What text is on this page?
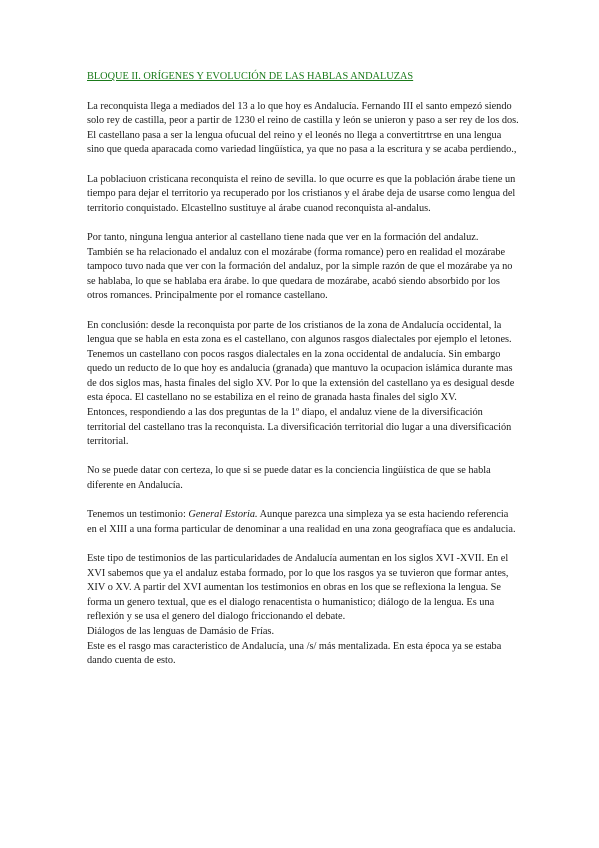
BLOQUE II. ORÍGENES Y EVOLUCIÓN DE LAS HABLAS ANDALUZAS

La reconquista llega a mediados del 13 a lo que hoy es Andalucía. Fernando III el santo empezó siendo solo rey de castilla, peor a partir de 1230 el reino de castilla y león se unieron y paso a ser rey de los dos. El castellano pasa a ser la lengua ofucual del reino y el leonés no llega a convertitrtrse en una lengua sino que queda aparacada como variedad lingüística, ya que no pasa a la escritura y se acaba perdiendo.,

La poblaciuon cristicana reconquista el reino de sevilla. lo que ocurre es que la población árabe tiene un tiempo para dejar el territorio ya recuperado por los cristianos y el árabe deja de usarse como lengua del territorio conquistado. Elcastellno sustituye al árabe cuanod reconquista al-andalus.

Por tanto, ninguna lengua anterior al castellano tiene nada que ver en la formación del andaluz.
También se ha relacionado el andaluz con el mozárabe (forma romance) pero en realidad el mozárabe tampoco tuvo nada que ver con la formación del andaluz, por la simple razón de que el mozárabe ya no se hablaba, lo que se hablaba era árabe. lo que quedara de mozárabe, acabó siendo absorbido por los otros romances. Principalmente por el romance castellano.

En conclusión: desde la reconquista por parte de los cristianos de la zona de Andalucía occidental, la lengua que se habla en esta zona es el castellano, con algunos rasgos dialectales por ejemplo el letones. Tenemos un castellano con pocos rasgos dialectales en la zona occidental de andalucía. Sin embargo quedo un reducto de lo que hoy es andalucia (granada) que mantuvo la ocupacion islámica durante mas de dos siglos mas, hasta finales del siglo XV. Por lo que la extensión del castellano ya es desigual desde esta época. El castellano no se estabiliza en el reino de granada hasta finales del siglo XV.
Entonces, respondiendo a las dos preguntas de la 1º diapo, el andaluz viene de la diversificación territorial del castellano tras la reconquista. La diversificación territorial dio lugar a una diversificación territorial.

No se puede datar con certeza, lo que si se puede datar es la conciencia lingüística de que se habla diferente en Andalucía.

Tenemos un testimonio: General Estoria. Aunque parezca una simpleza ya se esta haciendo referencia en el XIII a una forma particular de denominar a una realidad en una zona geografíaca que es andalucia.

Este tipo de testimonios de las particularidades de Andalucía aumentan en los siglos XVI -XVII. En el XVI sabemos que ya el andaluz estaba formado, por lo que los rasgos ya se tuvieron que formar antes, XIV o XV. A partir del XVI aumentan los testimonios en obras en los que se reflexiona la lengua. Se forma un genero textual, que es el dialogo renacentista o humanistico; diálogo de la lengua. Es una reflexión y se usa el genero del dialogo friccionando el debate.
Diálogos de las lenguas de Damásio de Frías.
Este es el rasgo mas caracteristico de Andalucía, una /s/ más mentalizada. En esta época ya se estaba dando cuenta de esto.
